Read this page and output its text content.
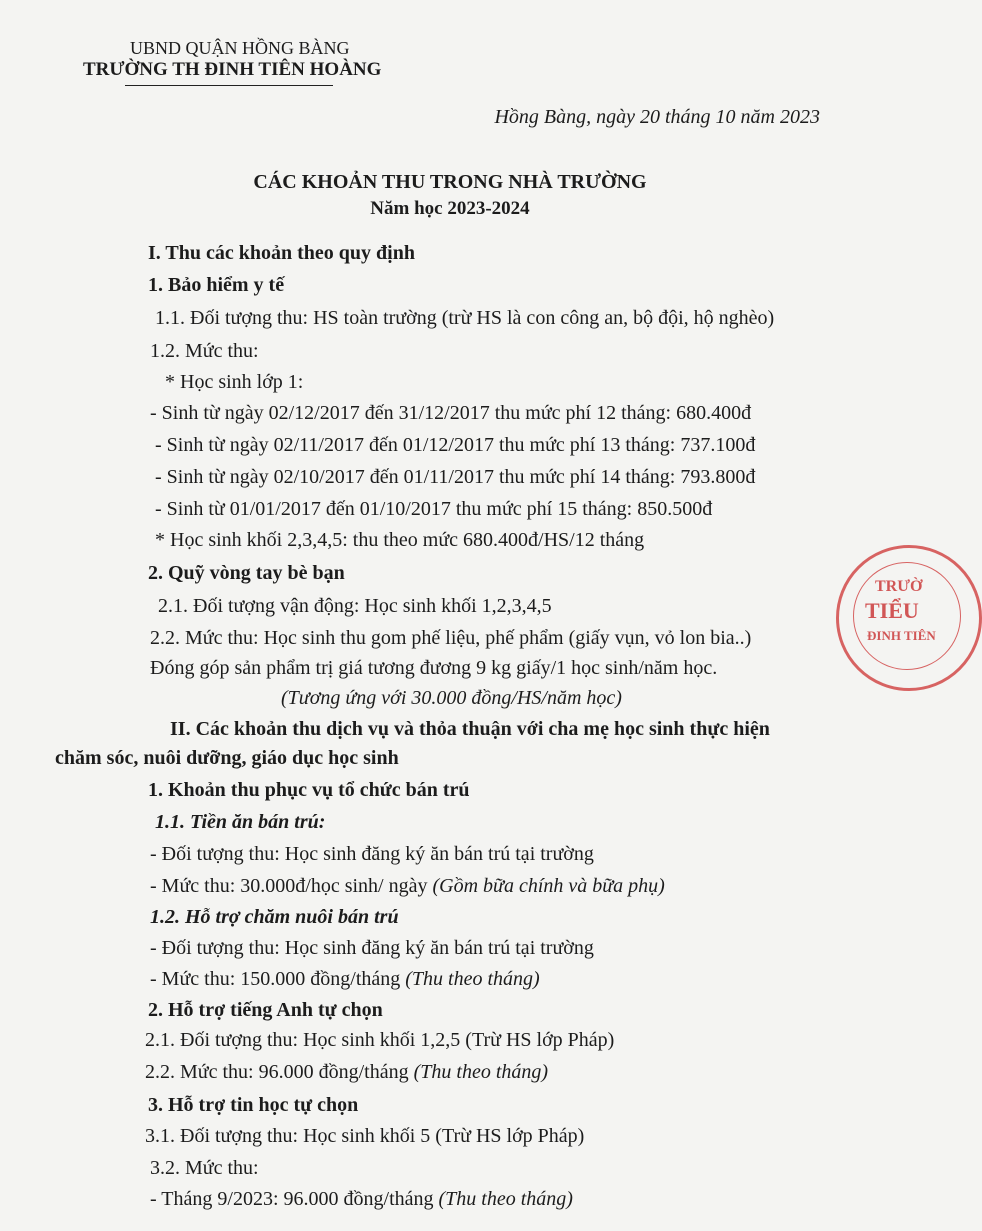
UBND QUẬN HỒNG BÀNG
TRƯỜNG TH ĐINH TIÊN HOÀNG
Hồng Bàng, ngày 20 tháng 10 năm 2023
CÁC KHOẢN THU TRONG NHÀ TRƯỜNG
Năm học 2023-2024
I. Thu các khoản theo quy định
1. Bảo hiểm y tế
1.1. Đối tượng thu: HS toàn trường (trừ HS là con công an, bộ đội, hộ nghèo)
1.2. Mức thu:
* Học sinh lớp 1:
- Sinh từ ngày 02/12/2017 đến 31/12/2017 thu mức phí 12 tháng: 680.400đ
- Sinh từ ngày 02/11/2017 đến 01/12/2017 thu mức phí 13 tháng: 737.100đ
- Sinh từ ngày 02/10/2017 đến 01/11/2017 thu mức phí 14 tháng: 793.800đ
- Sinh từ 01/01/2017 đến 01/10/2017 thu mức phí 15 tháng: 850.500đ
* Học sinh khối 2,3,4,5: thu theo mức 680.400đ/HS/12 tháng
2. Quỹ vòng tay bè bạn
2.1. Đối tượng vận động: Học sinh khối 1,2,3,4,5
2.2. Mức thu: Học sinh thu gom phế liệu, phế phẩm (giấy vụn, vỏ lon bia..)
Đóng góp sản phẩm trị giá tương đương 9 kg giấy/1 học sinh/năm học.
(Tương ứng với 30.000 đồng/HS/năm học)
II. Các khoản thu dịch vụ và thỏa thuận với cha mẹ học sinh thực hiện
chăm sóc, nuôi dưỡng, giáo dục học sinh
1. Khoản thu phục vụ tổ chức bán trú
1.1. Tiền ăn bán trú:
- Đối tượng thu: Học sinh đăng ký ăn bán trú tại trường
- Mức thu: 30.000đ/học sinh/ ngày (Gồm bữa chính và bữa phụ)
1.2. Hỗ trợ chăm nuôi bán trú
- Đối tượng thu: Học sinh đăng ký ăn bán trú tại trường
- Mức thu: 150.000 đồng/tháng (Thu theo tháng)
2. Hỗ trợ tiếng Anh tự chọn
2.1. Đối tượng thu: Học sinh khối 1,2,5 (Trừ HS lớp Pháp)
2.2. Mức thu: 96.000 đồng/tháng (Thu theo tháng)
3. Hỗ trợ tin học tự chọn
3.1. Đối tượng thu: Học sinh khối 5 (Trừ HS lớp Pháp)
3.2. Mức thu:
- Tháng 9/2023: 96.000 đồng/tháng (Thu theo tháng)
TRƯỜ
TIỂU
ĐINH TIÊN
